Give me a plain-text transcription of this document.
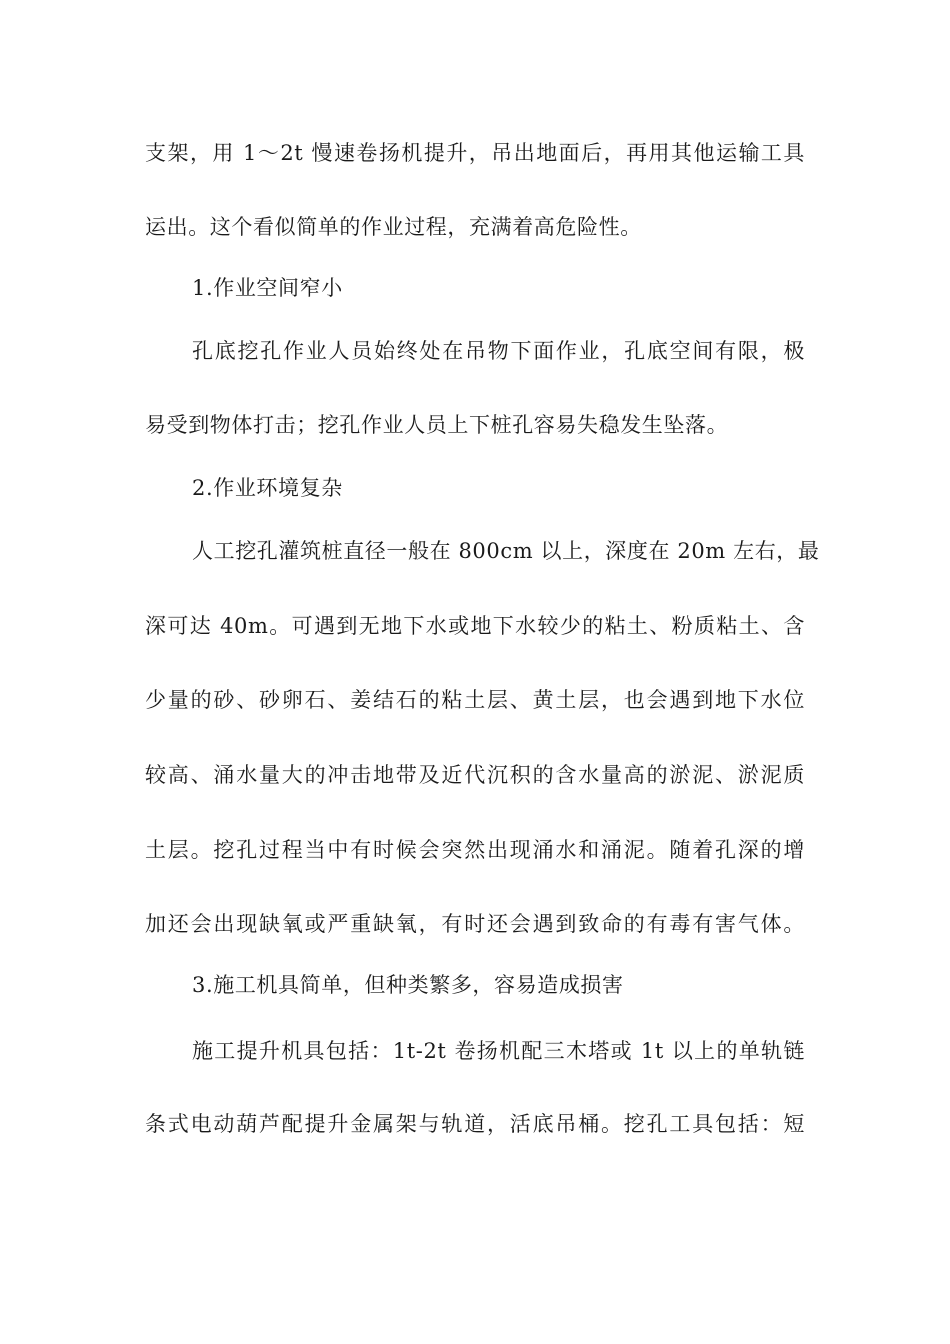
支架，用 1～2t 慢速卷扬机提升，吊出地面后，再用其他运输工具
运出。这个看似简单的作业过程，充满着高危险性。
1.作业空间窄小
孔底挖孔作业人员始终处在吊物下面作业，孔底空间有限，极
易受到物体打击；挖孔作业人员上下桩孔容易失稳发生坠落。
2.作业环境复杂
人工挖孔灌筑桩直径一般在 800cm 以上，深度在 20m 左右，最
深可达 40m。可遇到无地下水或地下水较少的粘土、粉质粘土、含
少量的砂、砂卵石、姜结石的粘土层、黄土层，也会遇到地下水位
较高、涌水量大的冲击地带及近代沉积的含水量高的淤泥、淤泥质
土层。挖孔过程当中有时候会突然出现涌水和涌泥。随着孔深的增
加还会出现缺氧或严重缺氧，有时还会遇到致命的有毒有害气体。
3.施工机具简单，但种类繁多，容易造成损害
施工提升机具包括：1t-2t 卷扬机配三木塔或 1t 以上的单轨链
条式电动葫芦配提升金属架与轨道，活底吊桶。挖孔工具包括：短
